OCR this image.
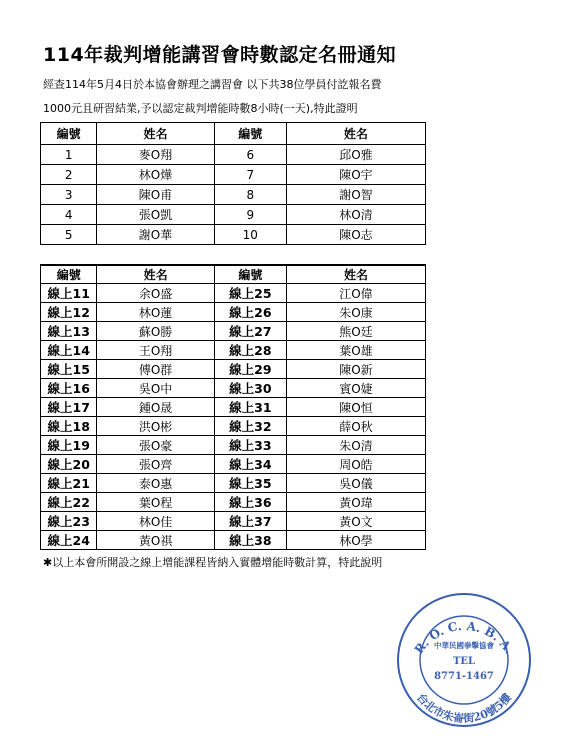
114年裁判增能講習會時數認定名冊通知
經查114年5月4日於本協會辦理之講習會 以下共38位學員付訖報名費
1000元且研習結業,予以認定裁判增能時數8小時(一天),特此證明
編號	姓名	編號	姓名
1	麥O翔	6	邱O雅
2	林O燁	7	陳O宇
3	陳O甫	8	謝O智
4	張O凱	9	林O清
5	謝O華	10	陳O志
編號	姓名	編號	姓名
線上11	余O盛	線上25	江O偉
線上12	林O蓮	線上26	朱O康
線上13	蘇O勝	線上27	熊O廷
線上14	王O翔	線上28	葉O雄
線上15	傅O群	線上29	陳O新
線上16	吳O中	線上30	賓O婕
線上17	鍾O晟	線上31	陳O恒
線上18	洪O彬	線上32	薛O秋
線上19	張O豪	線上33	朱O清
線上20	張O齊	線上34	周O皓
線上21	泰O惠	線上35	吳O儀
線上22	葉O程	線上36	黃O瑋
線上23	林O佳	線上37	黃O文
線上24	黃O祺	線上38	林O學
✱以上本會所開設之線上增能課程皆納入實體增能時數計算，特此說明
R. O. C. A. B. A.
台北市朱崙街20號5樓
中華民國拳擊協會
TEL
8771-1467
